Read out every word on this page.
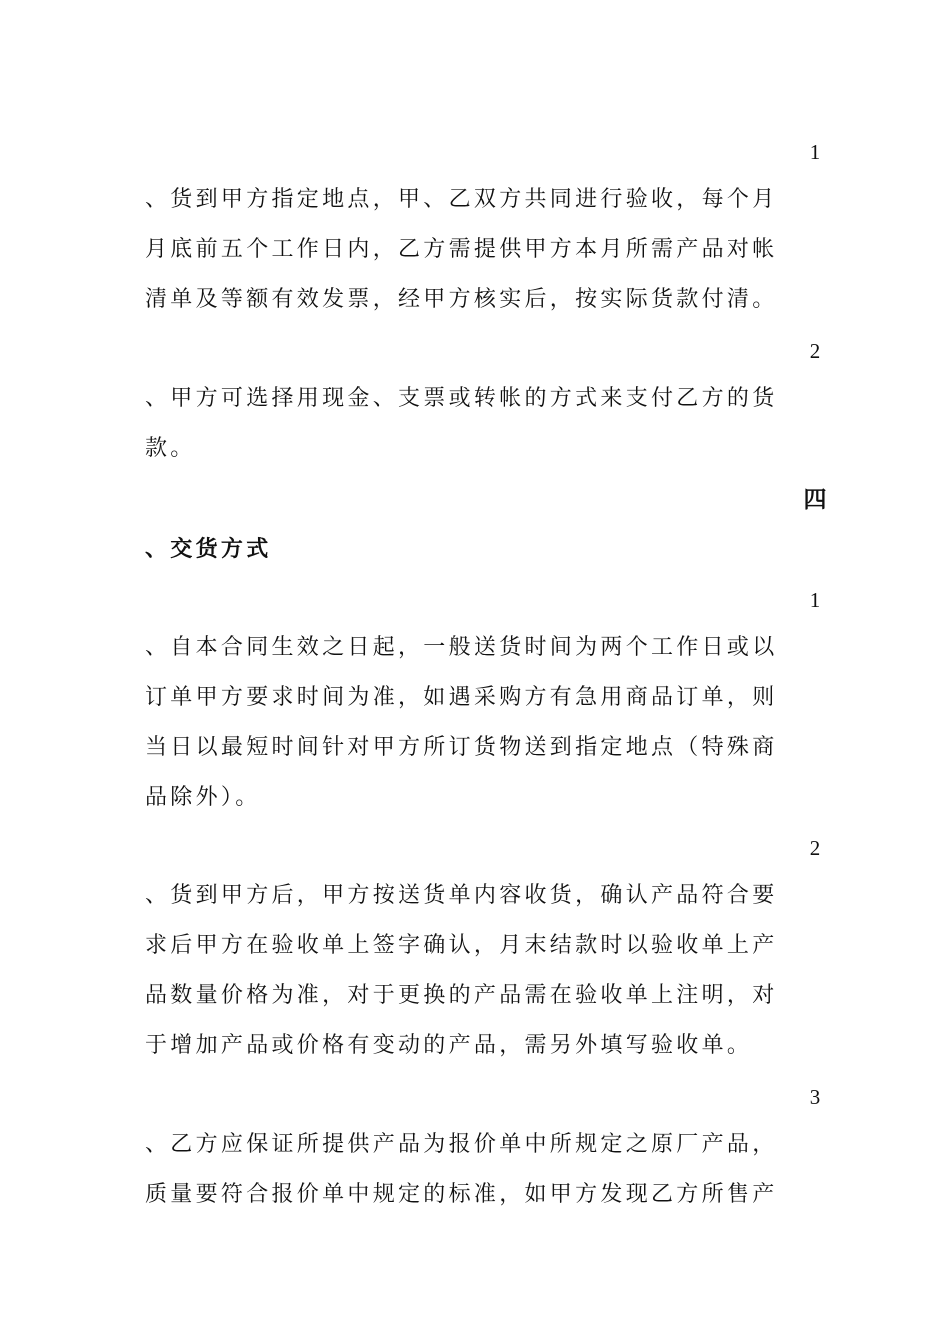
1
、货到甲方指定地点，甲、乙双方共同进行验收，每个月
月底前五个工作日内，乙方需提供甲方本月所需产品对帐
清单及等额有效发票，经甲方核实后，按实际货款付清。
2
、甲方可选择用现金、支票或转帐的方式来支付乙方的货
款。
四
、交货方式
1
、自本合同生效之日起，一般送货时间为两个工作日或以
订单甲方要求时间为准，如遇采购方有急用商品订单，则
当日以最短时间针对甲方所订货物送到指定地点（特殊商
品除外）。
2
、货到甲方后，甲方按送货单内容收货，确认产品符合要
求后甲方在验收单上签字确认，月末结款时以验收单上产
品数量价格为准，对于更换的产品需在验收单上注明，对
于增加产品或价格有变动的产品，需另外填写验收单。
3
、乙方应保证所提供产品为报价单中所规定之原厂产品，
质量要符合报价单中规定的标准，如甲方发现乙方所售产
